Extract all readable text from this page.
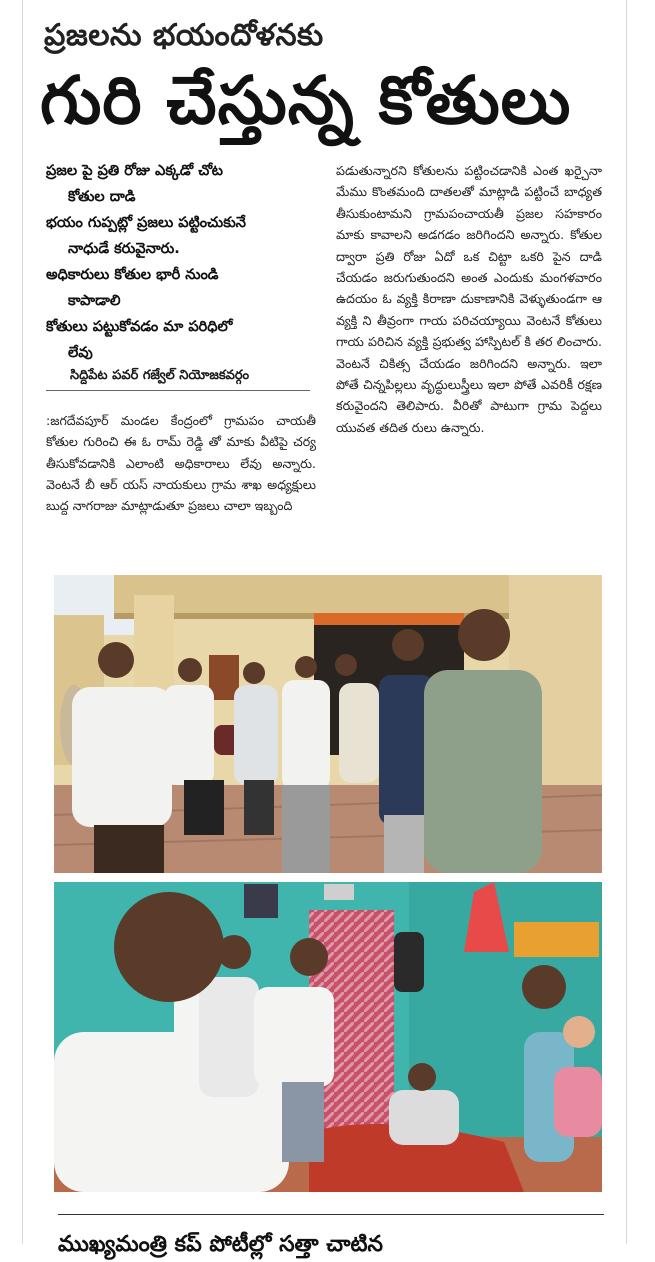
ప్రజలను భయందోళనకు
గురి చేస్తున్న కోతులు
ప్రజల పై ప్రతి రోజు ఎక్కడో చోట
కోతుల దాడి
భయం గుప్పట్లో ప్రజలు పట్టించుకునే
నాధుడే కరువైనారు.
అధికారులు కోతుల భారీ నుండి
కాపాడాలి
కోతులు పట్టుకోవడం మా పరిధిలో
లేవు
సిద్దిపేట పవర్ గజ్వేల్ నియోజకవర్గం
:జగదేవపూర్ మండల కేంద్రంలో గ్రామపం చాయతీ కోతుల గురించి ఈ ఓ రామ్ రెడ్డి తో మాకు వీటిపై చర్య తీసుకోవడానికి ఎలాంటి అధికారాలు లేవు అన్నారు. వెంటనే బీ ఆర్ యస్ నాయకులు గ్రామ శాఖ అధ్యక్షులు బుద్ద నాగరాజు మాట్లాడుతూ ప్రజలు చాలా ఇబ్బంది
పడుతున్నారని కోతులను పట్టించడానికి ఎంత ఖర్చైనా మేము కొంతమంది దాతలతో మాట్లాడి పట్టించే బాధ్యత తీసుకుంటామని గ్రామపంచాయతీ ప్రజల సహకారం మాకు కావాలని అడగడం జరిగిందని అన్నారు. కోతుల ద్వారా ప్రతి రోజు ఏదో ఒక చిట్టా ఒకరి పైన దాడి చేయడం జరుగుతుందని అంత ఎందుకు మంగళవారం ఉదయం ఓ వ్యక్తి కిరాణా దుకాణానికి వెళ్ళుతుండగా ఆ వ్యక్తి ని తీవ్రంగా గాయ పరిచయ్యాయి వెంటనే కోతులు గాయ పరిచిన వ్యక్తి ప్రభుత్వ హాస్పిటల్ కి తర లించారు. వెంటనే చికిత్స చేయడం జరిగిందని అన్నారు. ఇలా పోతే చిన్నపిల్లలు వృద్ధులుస్త్రీలు ఇలా పోతే ఎవరికీ రక్షణ కరువైందని తెలిపారు. వీరితో పాటుగా గ్రామ పెద్దలు యువత తదిత రులు ఉన్నారు.
ముఖ్యమంత్రి కప్ పోటీల్లో సత్తా చాటిన
